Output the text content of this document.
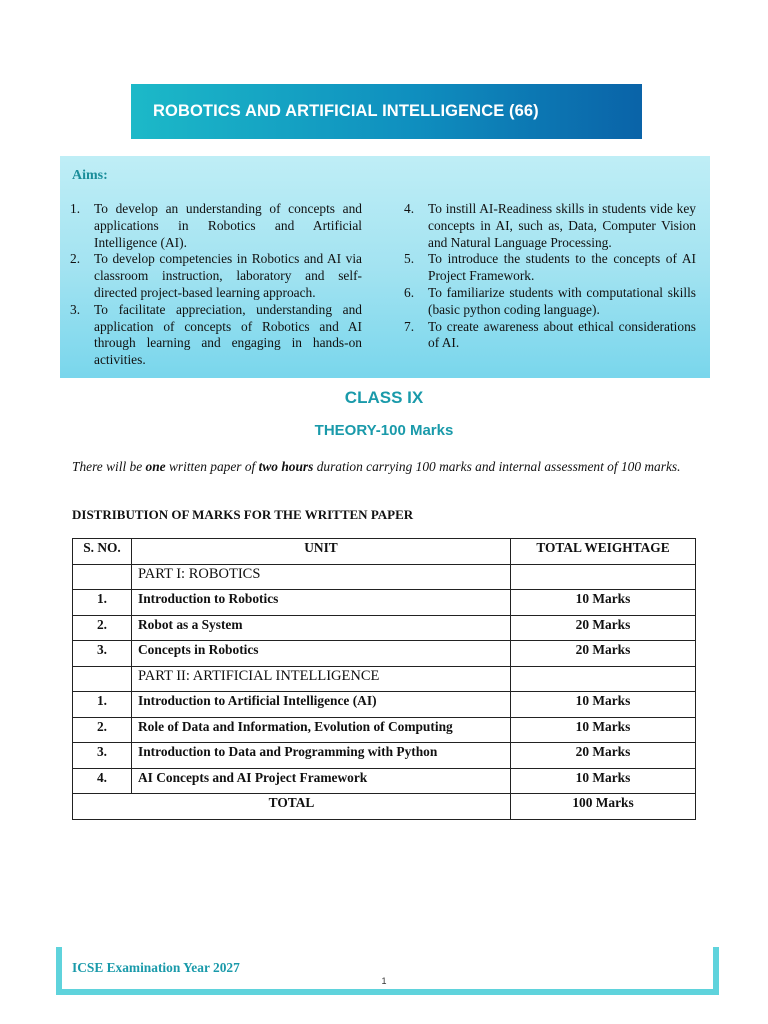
ROBOTICS AND ARTIFICIAL INTELLIGENCE (66)
Aims:
1. To develop an understanding of concepts and applications in Robotics and Artificial Intelligence (AI).
2. To develop competencies in Robotics and AI via classroom instruction, laboratory and self-directed project-based learning approach.
3. To facilitate appreciation, understanding and application of concepts of Robotics and AI through learning and engaging in hands-on activities.
4. To instill AI-Readiness skills in students vide key concepts in AI, such as, Data, Computer Vision and Natural Language Processing.
5. To introduce the students to the concepts of AI Project Framework.
6. To familiarize students with computational skills (basic python coding language).
7. To create awareness about ethical considerations of AI.
CLASS IX
THEORY-100 Marks
There will be one written paper of two hours duration carrying 100 marks and internal assessment of 100 marks.
DISTRIBUTION OF MARKS FOR THE WRITTEN PAPER
S. NO.	UNIT	TOTAL WEIGHTAGE
	PART I: ROBOTICS	
1.	Introduction to Robotics	10 Marks
2.	Robot as a System	20 Marks
3.	Concepts in Robotics	20 Marks
	PART II: ARTIFICIAL INTELLIGENCE	
1.	Introduction to Artificial Intelligence (AI)	10 Marks
2.	Role of Data and Information, Evolution of Computing	10 Marks
3.	Introduction to Data and Programming with Python	20 Marks
4.	AI Concepts and AI Project Framework	10 Marks
TOTAL		100 Marks
ICSE Examination Year 2027
1
